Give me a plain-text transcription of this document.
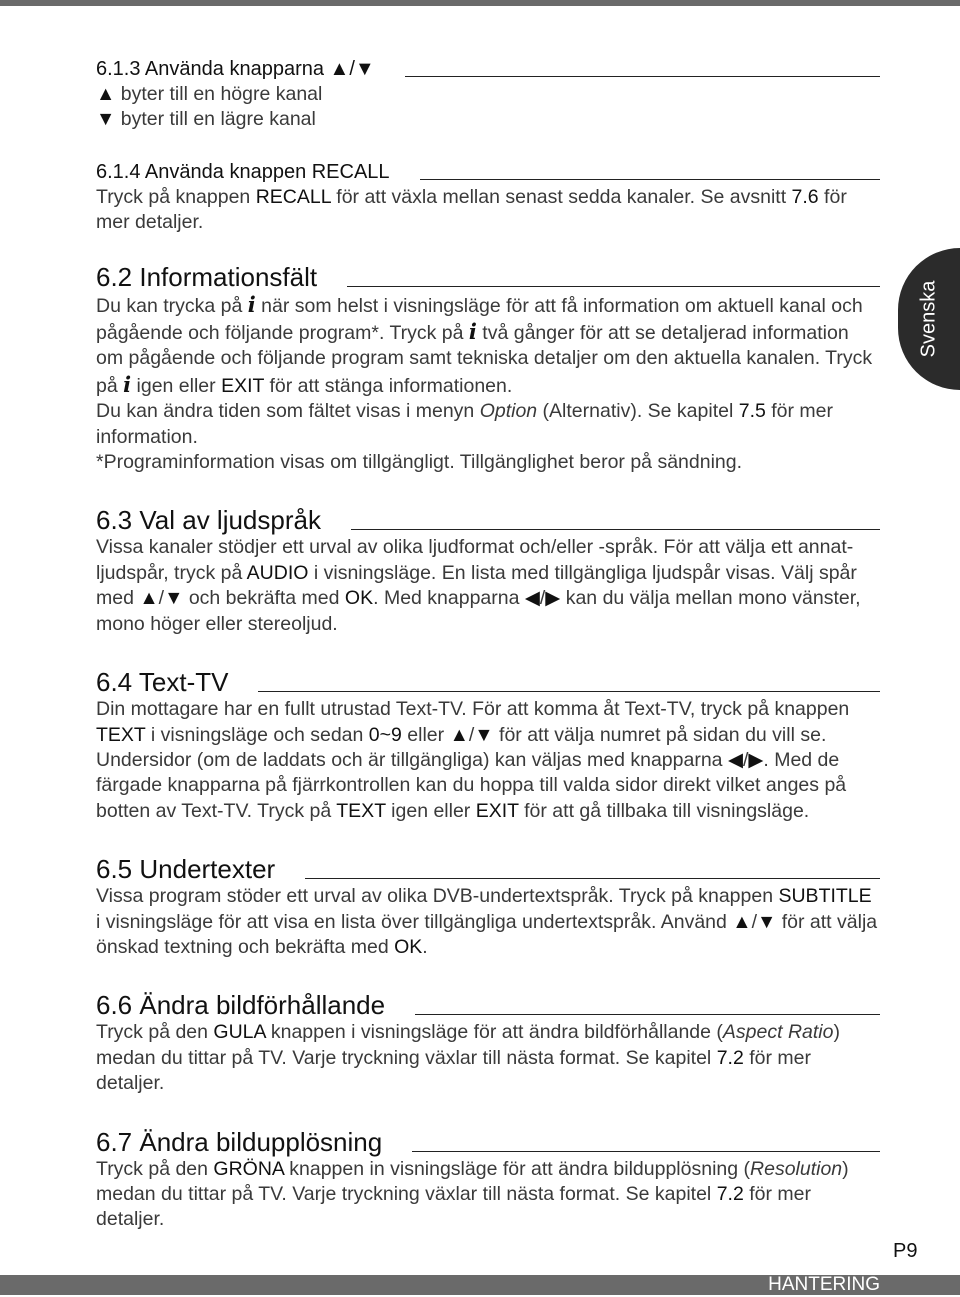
6.1.3 Använda knapparna ▲/▼
▲ byter till en högre kanal
▼ byter till en lägre kanal
6.1.4 Använda knappen RECALL
Tryck på knappen RECALL för att växla mellan senast sedda kanaler. Se avsnitt 7.6 för mer detaljer.
6.2 Informationsfält
Du kan trycka på i när som helst i visningsläge för att få information om aktuell kanal och pågående och följande program*. Tryck på i två gånger för att se detaljerad information om pågående och följande program samt tekniska detaljer om den aktuella kanalen. Tryck på i igen eller EXIT för att stänga informationen.
Du kan ändra tiden som fältet visas i menyn Option (Alternativ). Se kapitel 7.5 för mer information.
*Programinformation visas om tillgängligt. Tillgänglighet beror på sändning.
6.3 Val av ljudspråk
Vissa kanaler stödjer ett urval av olika ljudformat och/eller -språk. För att välja ett annat-ljudspår, tryck på AUDIO i visningsläge. En lista med tillgängliga ljudspår visas. Välj spår med ▲/▼ och bekräfta med OK. Med knapparna ◀/▶ kan du välja mellan mono vänster, mono höger eller stereoljud.
6.4 Text-TV
Din mottagare har en fullt utrustad Text-TV. För att komma åt Text-TV, tryck på knappen TEXT i visningsläge och sedan 0~9 eller ▲/▼ för att välja numret på sidan du vill se. Undersidor (om de laddats och är tillgängliga) kan väljas med knapparna ◀/▶. Med de färgade knapparna på fjärrkontrollen kan du hoppa till valda sidor direkt vilket anges på botten av Text-TV. Tryck på TEXT igen eller EXIT för att gå tillbaka till visningsläge.
6.5 Undertexter
Vissa program stöder ett urval av olika DVB-undertextspråk. Tryck på knappen SUBTITLE i visningsläge för att visa en lista över tillgängliga undertextspråk. Använd ▲/▼ för att välja önskad textning och bekräfta med OK.
6.6 Ändra bildförhållande
Tryck på den GULA knappen i visningsläge för att ändra bildförhållande (Aspect Ratio) medan du tittar på TV. Varje tryckning växlar till nästa format. Se kapitel 7.2 för mer detaljer.
6.7 Ändra bildupplösning
Tryck på den GRÖNA knappen in visningsläge för att ändra bildupplösning (Resolution) medan du tittar på TV. Varje tryckning växlar till nästa format. Se kapitel 7.2 för mer detaljer.
Svenska
P9
HANTERING
